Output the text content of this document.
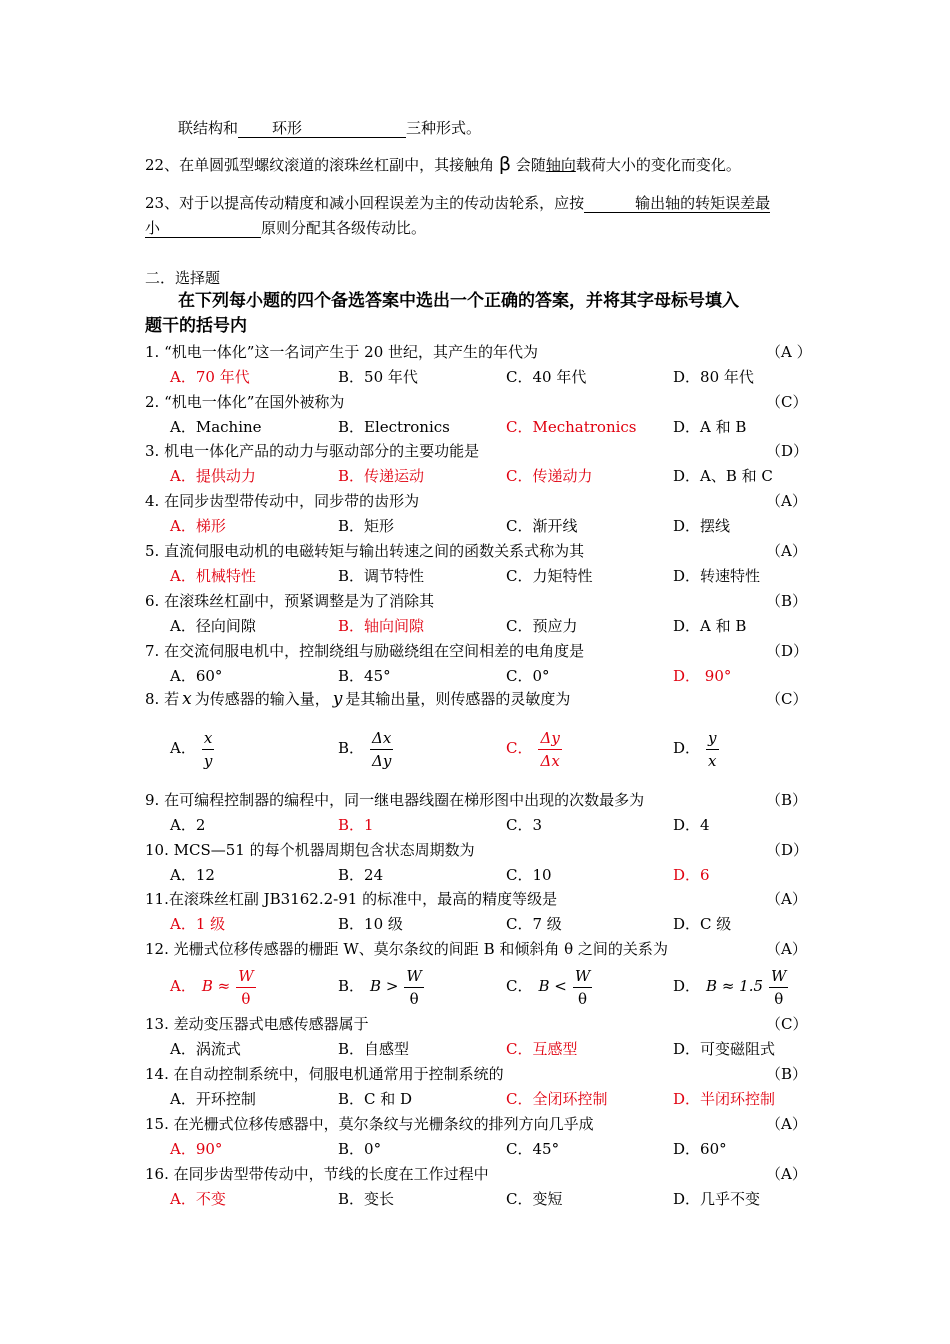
联结构和 环形	三种形式。
22、在单圆弧型螺纹滚道的滚珠丝杠副中，其接触角 β 会随轴向载荷大小的变化而变化。
23、对于以提高传动精度和减小回程误差为主的传动齿轮系，应按	输出轴的转矩误差最
小	原则分配其各级传动比。
二．选择题
在下列每小题的四个备选答案中选出一个正确的答案，并将其字母标号填入
题干的括号内
1. “机电一体化”这一名词产生于 20 世纪，其产生的年代为	（A ）
A．70 年代	B．50 年代	C．40 年代	D．80 年代
2. “机电一体化”在国外被称为	（C）
A．Machine	B．Electronics	C．Mechatronics D．A 和 B
3. 机电一体化产品的动力与驱动部分的主要功能是	（D）
A．提供动力	B．传递运动	C．传递动力	D．A、B 和 C
4. 在同步齿型带传动中，同步带的齿形为	（A）
A．梯形	B．矩形	C．渐开线	D．摆线
5. 直流伺服电动机的电磁转矩与输出转速之间的函数关系式称为其	（A）
A．机械特性	B．调节特性	C．力矩特性	D．转速特性
6. 在滚珠丝杠副中，预紧调整是为了消除其	（B）
A．径向间隙	B．轴向间隙	C．预应力	D．A 和 B
7. 在交流伺服电机中，控制绕组与励磁绕组在空间相差的电角度是	（D）
A．60°	B．45°	C．0°	D． 90°
8. 若 x 为传感器的输入量， y 是其输出量，则传感器的灵敏度为	（C）
A． $\frac{x}{y}$	B． $\frac{\Delta x}{\Delta y}$	C． $\frac{\Delta y}{\Delta x}$	D． $\frac{y}{x}$
9. 在可编程控制器的编程中，同一继电器线圈在梯形图中出现的次数最多为	（B）
A．2	B．1	C．3	D．4
10. MCS—51 的每个机器周期包含状态周期数为	（D）
A．12	B．24	C．10	D．6
11.在滚珠丝杠副 JB3162.2-91 的标准中，最高的精度等级是	（A）
A．1 级	B．10 级	C．7 级	D．C 级
12. 光栅式位移传感器的栅距 W、莫尔条纹的间距 B 和倾斜角 θ 之间的关系为	（A）
A． $B \approx \frac{W}{\theta}$	B． $B > \frac{W}{\theta}$	C． $B < \frac{W}{\theta}$	D． $B \approx 1.5 \frac{W}{\theta}$
13. 差动变压器式电感传感器属于	（C）
A．涡流式	B．自感型	C．互感型	D．可变磁阻式
14. 在自动控制系统中，伺服电机通常用于控制系统的	（B）
A．开环控制	B．C 和 D	C．全闭环控制	D．半闭环控制
15. 在光栅式位移传感器中，莫尔条纹与光栅条纹的排列方向几乎成	（A）
A．90°	B．0°	C．45°	D．60°
16. 在同步齿型带传动中，节线的长度在工作过程中	（A）
A．不变	B．变长	C．变短	D．几乎不变
